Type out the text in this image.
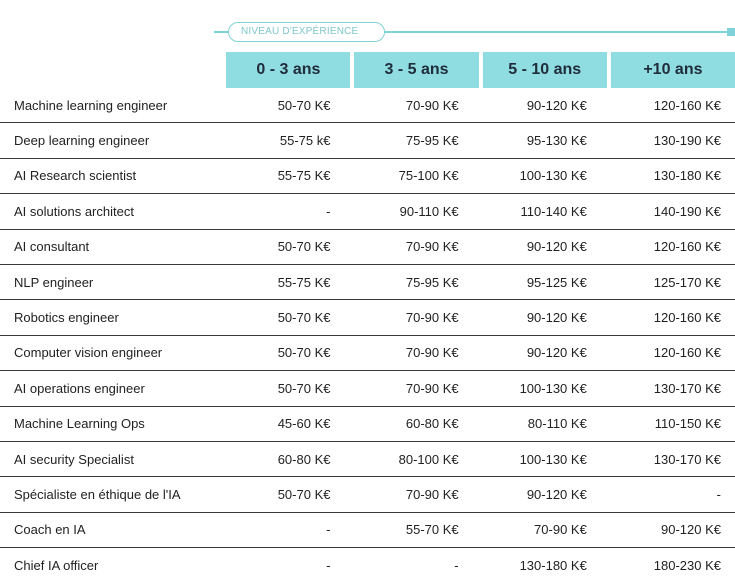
NIVEAU D'EXPÉRIENCE
	0 - 3 ans	3 - 5 ans	5 - 10 ans	+10 ans
Machine learning engineer	50-70 K€	70-90 K€	90-120 K€	120-160 K€
Deep learning engineer	55-75 k€	75-95 K€	95-130 K€	130-190 K€
AI Research scientist	55-75 K€	75-100 K€	100-130 K€	130-180 K€
AI solutions architect	-	90-110 K€	110-140 K€	140-190 K€
AI consultant	50-70 K€	70-90 K€	90-120 K€	120-160 K€
NLP engineer	55-75 K€	75-95 K€	95-125 K€	125-170 K€
Robotics engineer	50-70 K€	70-90 K€	90-120 K€	120-160 K€
Computer vision engineer	50-70 K€	70-90 K€	90-120 K€	120-160 K€
AI operations engineer	50-70 K€	70-90 K€	100-130 K€	130-170 K€
Machine Learning Ops	45-60 K€	60-80 K€	80-110 K€	110-150 K€
AI security Specialist	60-80 K€	80-100 K€	100-130 K€	130-170 K€
Spécialiste en éthique de l'IA	50-70 K€	70-90 K€	90-120 K€	-
Coach en IA	-	55-70 K€	70-90 K€	90-120 K€
Chief IA officer	-	-	130-180 K€	180-230 K€
